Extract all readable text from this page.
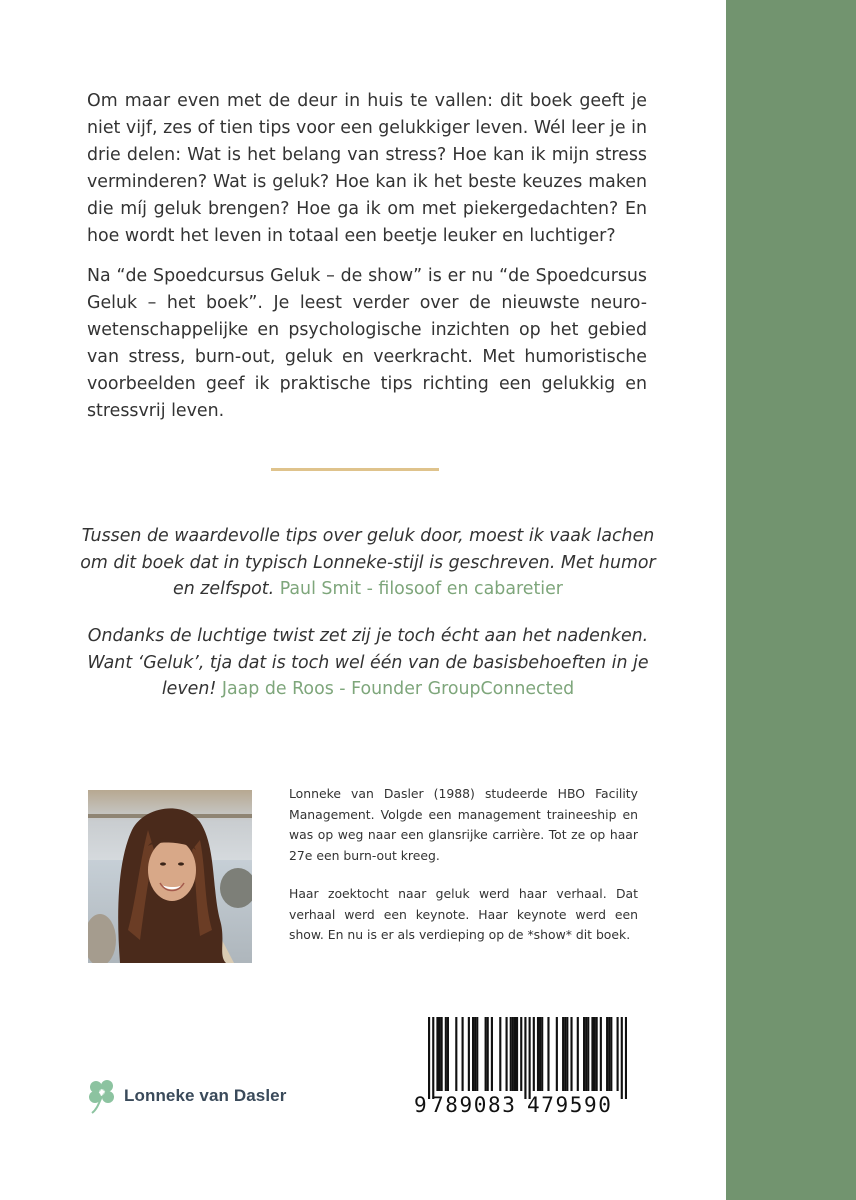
Om maar even met de deur in huis te vallen: dit boek geeft je niet vijf, zes of tien tips voor een gelukkiger leven. Wél leer je in drie delen: Wat is het belang van stress? Hoe kan ik mijn stress verminderen? Wat is geluk? Hoe kan ik het beste keuzes maken die míj geluk brengen? Hoe ga ik om met piekergedachten? En hoe wordt het leven in totaal een beetje leuker en luchtiger?

Na “de Spoedcursus Geluk – de show” is er nu “de Spoedcursus Geluk – het boek”. Je leest verder over de nieuwste neuro-wetenschappelijke en psychologische inzichten op het gebied van stress, burn-out, geluk en veerkracht. Met humoristische voorbeelden geef ik praktische tips richting een gelukkig en stressvrij leven.

Tussen de waardevolle tips over geluk door, moest ik vaak lachen om dit boek dat in typisch Lonneke-stijl is geschreven. Met humor en zelfspot. Paul Smit - filosoof en cabaretier

Ondanks de luchtige twist zet zij je toch écht aan het nadenken. Want ‘Geluk’, tja dat is toch wel één van de basisbehoeften in je leven! Jaap de Roos - Founder GroupConnected

Lonneke van Dasler (1988) studeerde HBO Facility Management. Volgde een management traineeship en was op weg naar een glansrijke carrière. Tot ze op haar 27e een burn-out kreeg.

Haar zoektocht naar geluk werd haar verhaal. Dat verhaal werd een keynote. Haar keynote werd een show. En nu is er als verdieping op de *show* dit boek.

Lonneke van Dasler	9 789083 479590
